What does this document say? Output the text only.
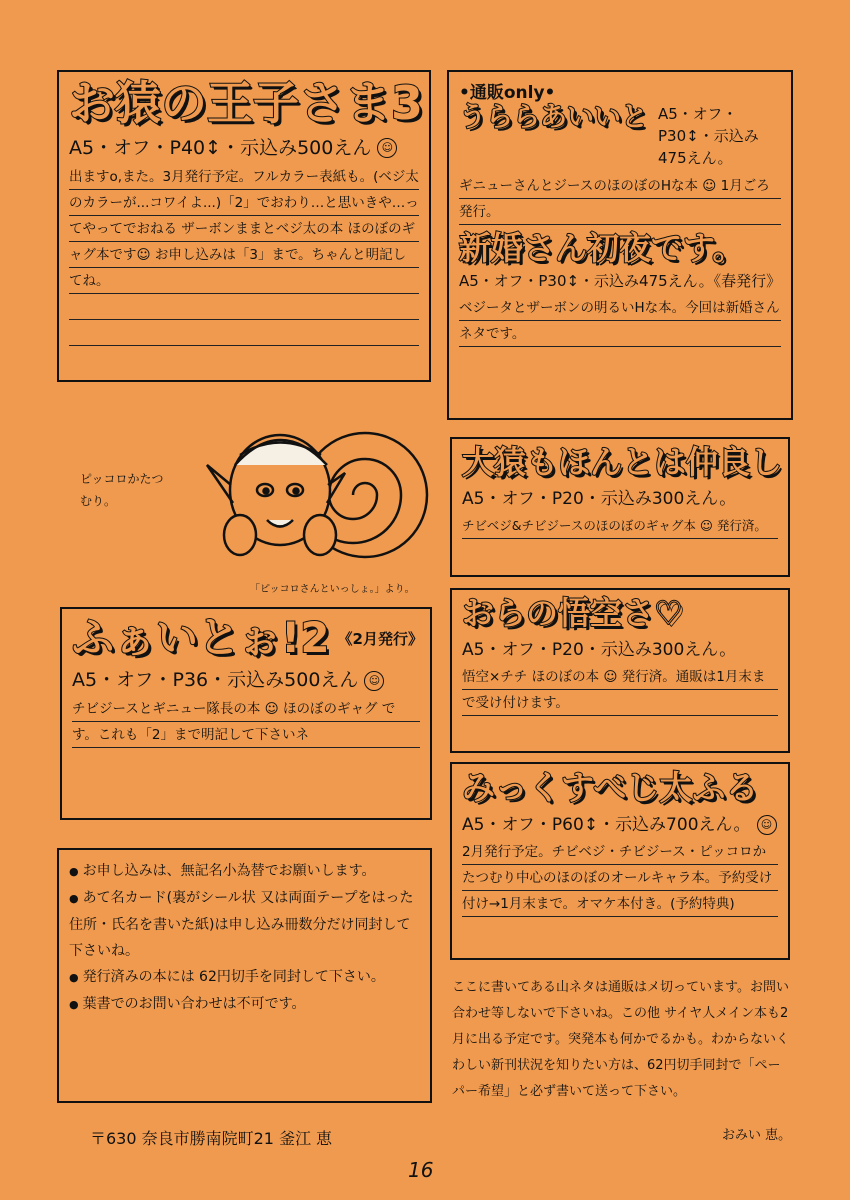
お猿の王子さま3
A5・オフ・P40↕・示込み500えん ☺
出ますo,また。3月発行予定。フルカラー表紙も。(ベジ太のカラーが...コワイよ...)「2」でおわり…と思いきや…ってやってでおねる ザーボンままとベジ太の本 ほのぼのギャグ本です☺ お申し込みは「3」まで。ちゃんと明記してね。
•通販only•
うららあいいと A5・オフ・P30↕・示込み475えん。
ギニューさんとジースのほのぼのHな本 ☺ 1月ごろ発行。
新婚さん初夜です。
A5・オフ・P30↕・示込み475えん。《春発行》
ベジータとザーボンの明るいHな本。今回は新婚さんネタです。
大猿もほんとは仲良し
A5・オフ・P20・示込み300えん。
チビベジ&チビジースのほのぼのギャグ本 ☺ 発行済。
おらの悟空さ♡
A5・オフ・P20・示込み300えん。
悟空×チチ ほのぼの本 ☺ 発行済。通販は1月末まで受け付けます。
みっくすべじ太ふる
A5・オフ・P60↕・示込み700えん。 ☺
2月発行予定。チビベジ・チビジース・ピッコロかたつむり中心のほのぼのオールキャラ本。予約受け付け→1月末まで。オマケ本付き。(予約特典)
ふぁいとぉ!2 《2月発行》
A5・オフ・P36・示込み500えん ☺
チビジースとギニュー隊長の本 ☺ ほのぼのギャグ です。これも「2」まで明記して下さいネ
● お申し込みは、無記名小為替でお願いします。
● あて名カード(裏がシール状 又は両面テープをはった住所・氏名を書いた紙)は申し込み冊数分だけ同封して下さいね。
● 発行済みの本には 62円切手を同封して下さい。
● 葉書でのお問い合わせは不可です。
ピッコロかたつむり。
「ピッコロさんといっしょ。」より。
ここに書いてある山ネタは通販はメ切っています。お問い合わせ等しないで下さいね。この他 サイヤ人メイン本も2月に出る予定です。突発本も何かでるかも。わからないくわしい新刊状況を知りたい方は、62円切手同封で「ペーパー希望」と必ず書いて送って下さい。
おみい 恵。
〒630 奈良市勝南院町21 釜江 恵
16
